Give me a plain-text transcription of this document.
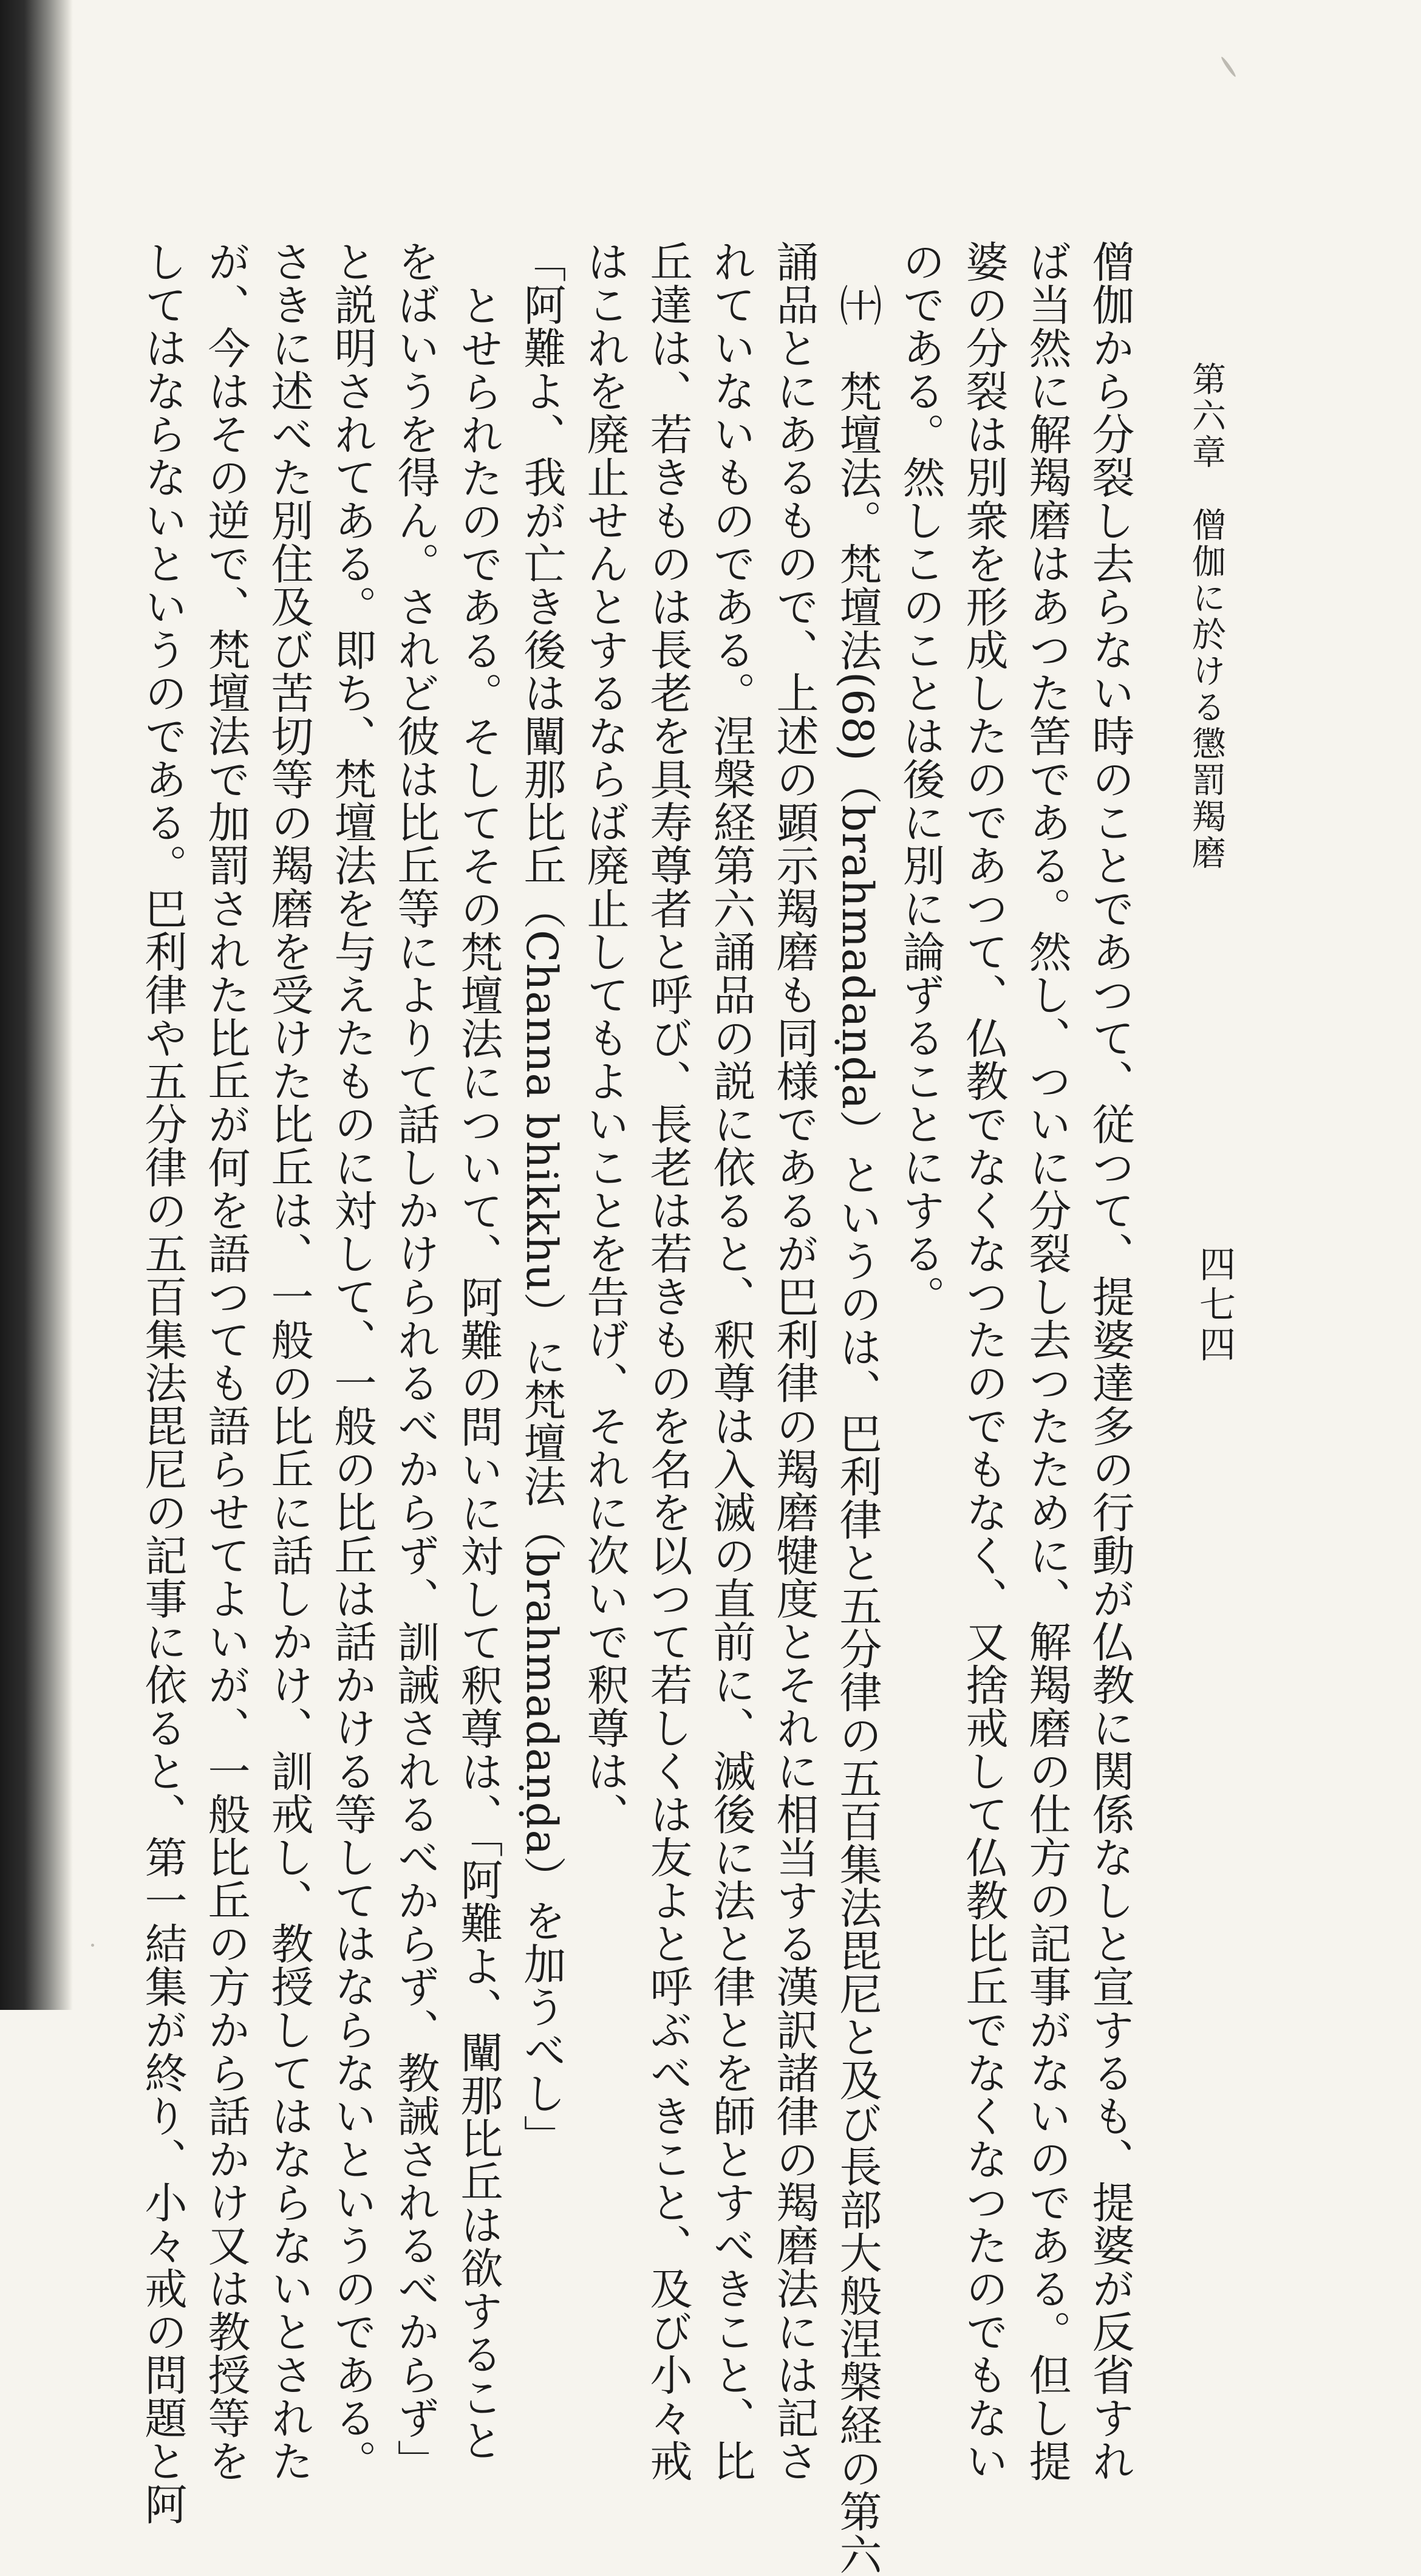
第六章　僧伽に於ける懲罰羯磨
四七四
僧伽から分裂し去らない時のことであつて、従つて、提婆達多の行動が仏教に関係なしと宣するも、提婆が反省すれ
ば当然に解羯磨はあつた筈である。然し、ついに分裂し去つたために、解羯磨の仕方の記事がないのである。但し提
婆の分裂は別衆を形成したのであつて、仏教でなくなつたのでもなく、又捨戒して仏教比丘でなくなつたのでもない
のである。然しこのことは後に別に論ずることにする。
㈩　梵壇法。梵壇法(68)（brahmadaṇḍa）というのは、巴利律と五分律の五百集法毘尼と及び長部大般涅槃経の第六
誦品とにあるもので、上述の顕示羯磨も同様であるが巴利律の羯磨犍度とそれに相当する漢訳諸律の羯磨法には記さ
れていないものである。涅槃経第六誦品の説に依ると、釈尊は入滅の直前に、滅後に法と律とを師とすべきこと、比
丘達は、若きものは長老を具寿尊者と呼び、長老は若きものを名を以つて若しくは友よと呼ぶべきこと、及び小々戒
はこれを廃止せんとするならば廃止してもよいことを告げ、それに次いで釈尊は、
「阿難よ、我が亡き後は闡那比丘（Channa bhikkhu）に梵壇法（brahmadaṇḍa）を加うべし」
とせられたのである。そしてその梵壇法について、阿難の問いに対して釈尊は、「阿難よ、闡那比丘は欲すること
をばいうを得ん。されど彼は比丘等によりて話しかけられるべからず、訓誡されるべからず、教誡されるべからず」
と説明されてある。即ち、梵壇法を与えたものに対して、一般の比丘は話かける等してはならないというのである。
さきに述べた別住及び苦切等の羯磨を受けた比丘は、一般の比丘に話しかけ、訓戒し、教授してはならないとされた
が、今はその逆で、梵壇法で加罰された比丘が何を語つても語らせてよいが、一般比丘の方から話かけ又は教授等を
してはならないというのである。巴利律や五分律の五百集法毘尼の記事に依ると、第一結集が終り、小々戒の問題と阿
